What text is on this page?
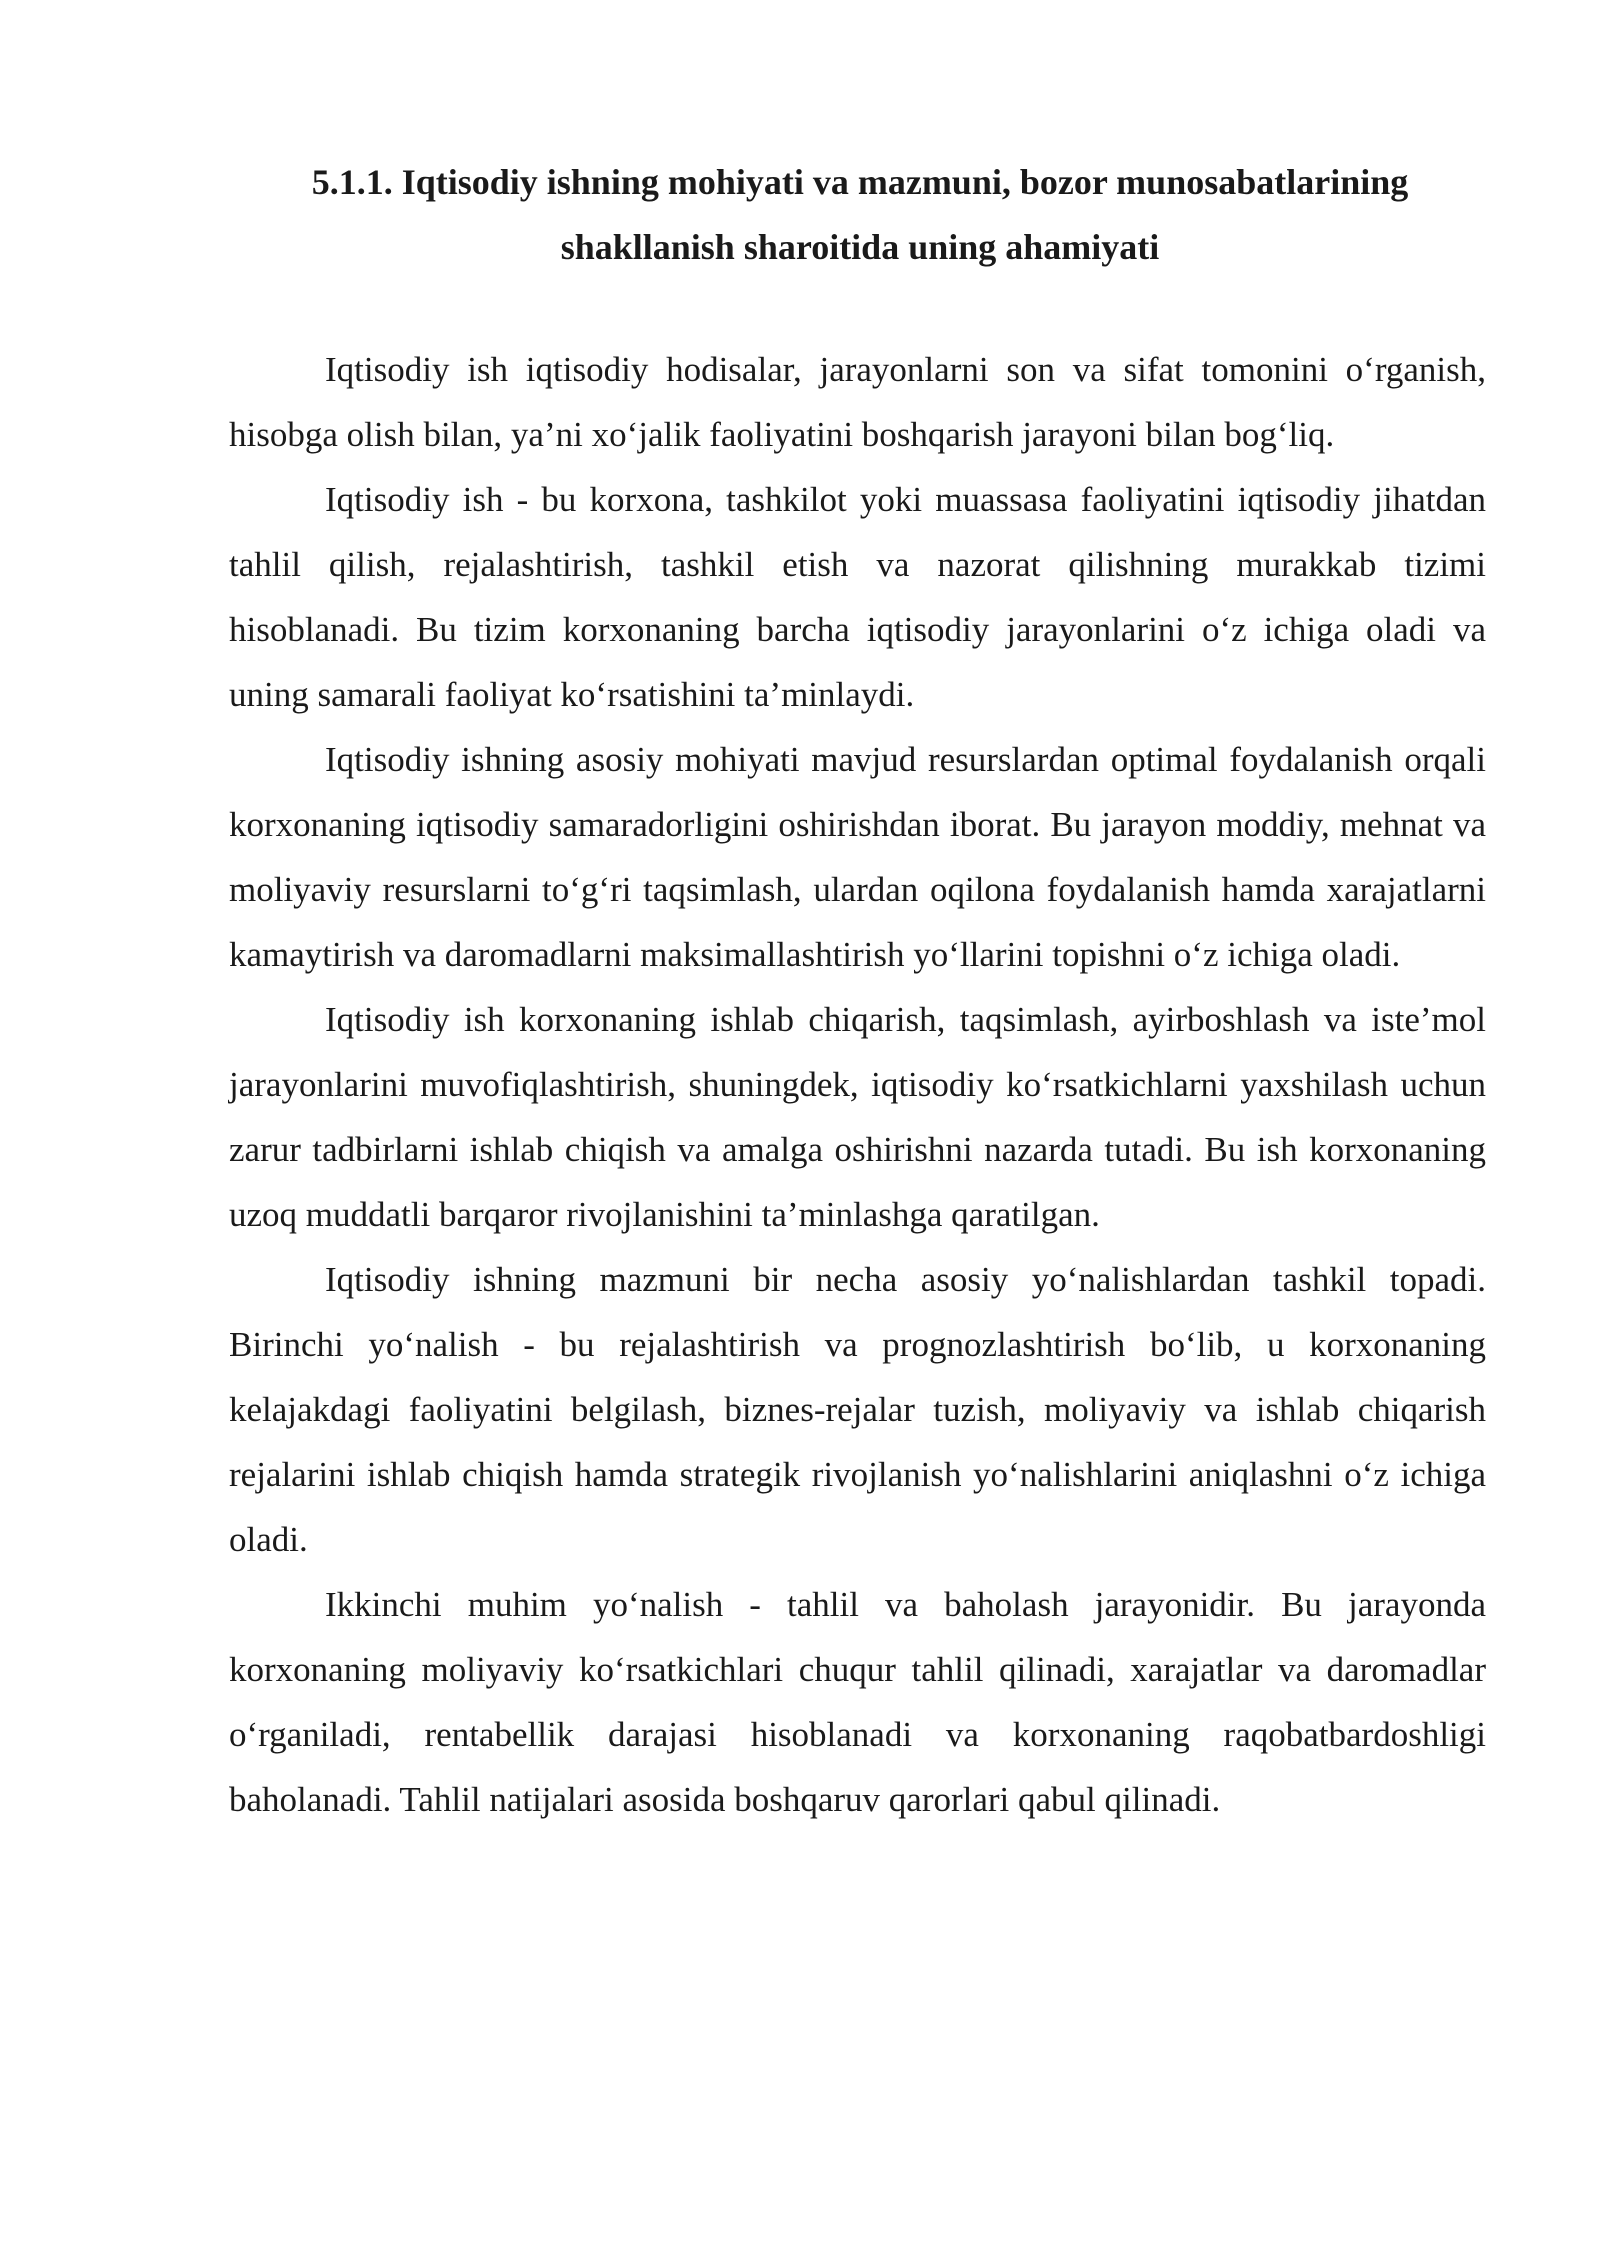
5.1.1. Iqtisodiy ishning mohiyati va mazmuni, bozor munosabatlarining
shakllanish sharoitida uning ahamiyati

Iqtisodiy ish iqtisodiy hodisalar, jarayonlarni son va sifat tomonini o‘rganish, hisobga olish bilan, ya’ni xo‘jalik faoliyatini boshqarish jarayoni bilan bog‘liq.

Iqtisodiy ish - bu korxona, tashkilot yoki muassasa faoliyatini iqtisodiy jihatdan tahlil qilish, rejalashtirish, tashkil etish va nazorat qilishning murakkab tizimi hisoblanadi. Bu tizim korxonaning barcha iqtisodiy jarayonlarini o‘z ichiga oladi va uning samarali faoliyat ko‘rsatishini ta’minlaydi.

Iqtisodiy ishning asosiy mohiyati mavjud resurslardan optimal foydalanish orqali korxonaning iqtisodiy samaradorligini oshirishdan iborat. Bu jarayon moddiy, mehnat va moliyaviy resurslarni to‘g‘ri taqsimlash, ulardan oqilona foydalanish hamda xarajatlarni kamaytirish va daromadlarni maksimallashtirish yo‘llarini topishni o‘z ichiga oladi.

Iqtisodiy ish korxonaning ishlab chiqarish, taqsimlash, ayirboshlash va iste’mol jarayonlarini muvofiqlashtirish, shuningdek, iqtisodiy ko‘rsatkichlarni yaxshilash uchun zarur tadbirlarni ishlab chiqish va amalga oshirishni nazarda tutadi. Bu ish korxonaning uzoq muddatli barqaror rivojlanishini ta’minlashga qaratilgan.

Iqtisodiy ishning mazmuni bir necha asosiy yo‘nalishlardan tashkil topadi. Birinchi yo‘nalish - bu rejalashtirish va prognozlashtirish bo‘lib, u korxonaning kelajakdagi faoliyatini belgilash, biznes-rejalar tuzish, moliyaviy va ishlab chiqarish rejalarini ishlab chiqish hamda strategik rivojlanish yo‘nalishlarini aniqlashni o‘z ichiga oladi.

Ikkinchi muhim yo‘nalish - tahlil va baholash jarayonidir. Bu jarayonda korxonaning moliyaviy ko‘rsatkichlari chuqur tahlil qilinadi, xarajatlar va daromadlar o‘rganiladi, rentabellik darajasi hisoblanadi va korxonaning raqobatbardoshligi baholanadi. Tahlil natijalari asosida boshqaruv qarorlari qabul qilinadi.
